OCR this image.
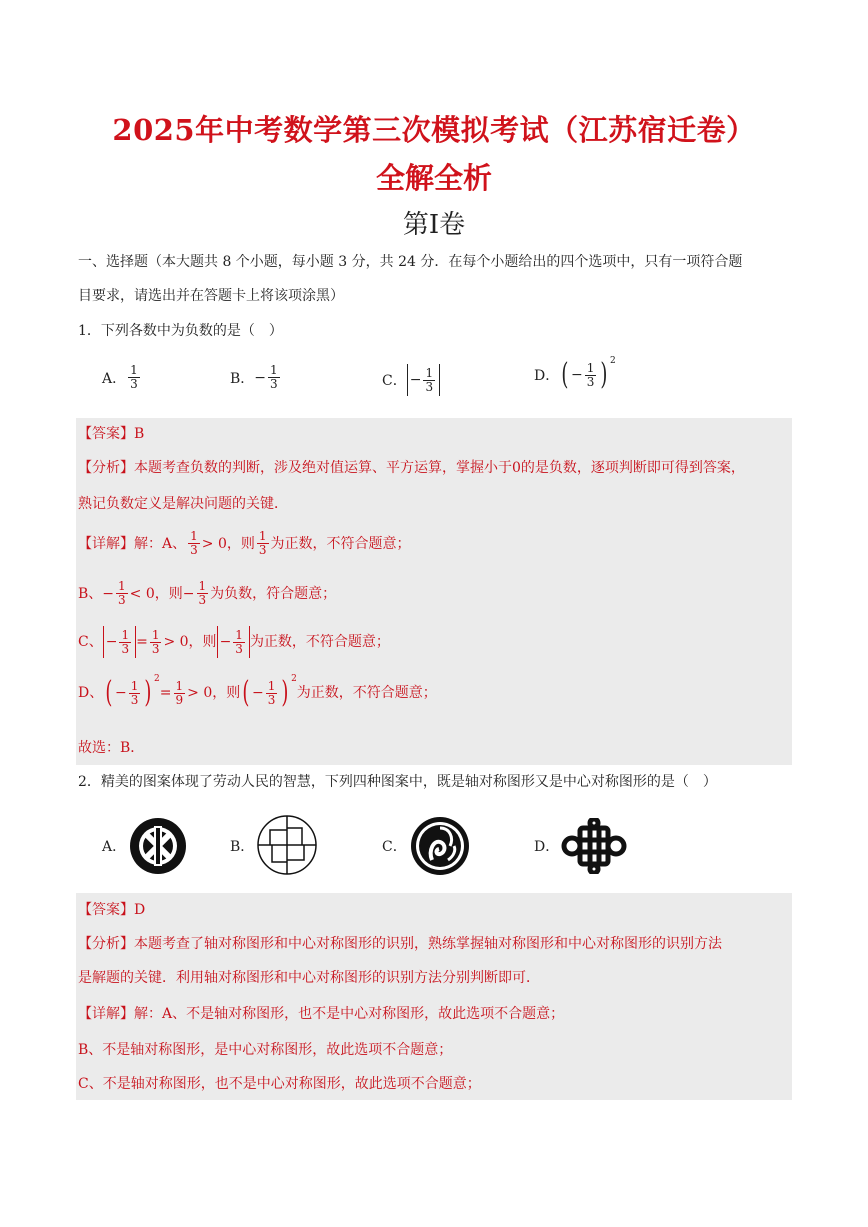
2025年中考数学第三次模拟考试（江苏宿迁卷）
全解全析
第I卷
一、选择题（本大题共 8 个小题，每小题 3 分，共 24 分．在每个小题给出的四个选项中，只有一项符合题
目要求，请选出并在答题卡上将该项涂黑）
1．下列各数中为负数的是（　）
A． $\frac{1}{3}$	B． − $\frac{1}{3}$	C． − $\frac{1}{3}$	D． ( − $\frac{1}{3}$ ) 2
【答案】B
【分析】本题考查负数的判断，涉及绝对值运算、平方运算，掌握小于0的是负数，逐项判断即可得到答案，
熟记负数定义是解决问题的关键．
【详解】 解：A、 $\frac{1}{3} > 0$，则 $\frac{1}{3}$ 为正数，不符合题意；
B、 − $\frac{1}{3} < 0$，则 − $\frac{1}{3}$ 为负数，符合题意；
C、 − $\frac{1}{3} = \frac{1}{3} > 0$，则 − $\frac{1}{3}$ 为正数，不符合题意；
D、 ( − $\frac{1}{3}$ ) 2
= $\frac{1}{9} > 0$，则 ( − $\frac{1}{3}$ ) 2
为正数，不符合题意；
故选：B．
2．精美的图案体现了劳动人民的智慧，下列四种图案中，既是轴对称图形又是中心对称图形的是（　）
A．	B．	C．	D．
【答案】D
【分析】本题考查了轴对称图形和中心对称图形的识别，熟练掌握轴对称图形和中心对称图形的识别方法
是解题的关键．利用轴对称图形和中心对称图形的识别方法分别判断即可．
【详解】解：A、不是轴对称图形，也不是中心对称图形，故此选项不合题意；
B、不是轴对称图形，是中心对称图形，故此选项不合题意；
C、不是轴对称图形，也不是中心对称图形，故此选项不合题意；
